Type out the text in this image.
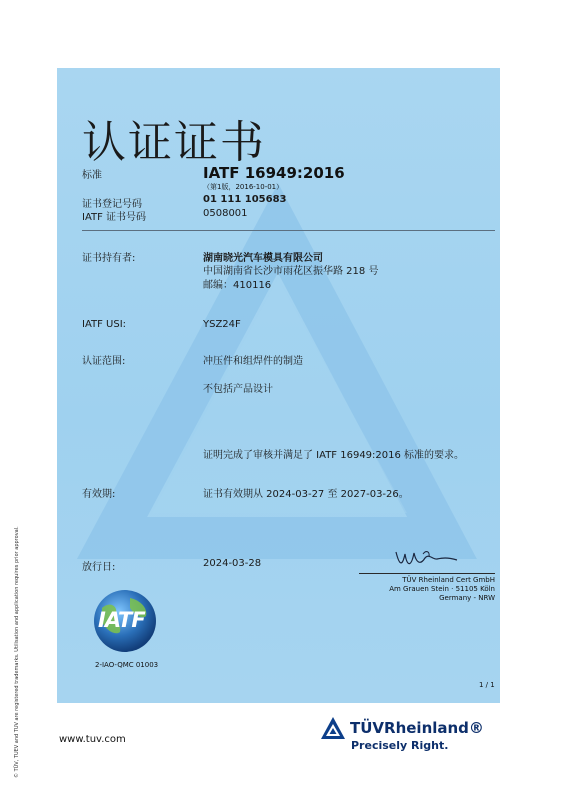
认证证书
标准	IATF 16949:2016
（第1版，2016-10-01）
证书登记号码	01 111 105683
IATF 证书号码	0508001
证书持有者:	湖南晓光汽车模具有限公司
中国湖南省长沙市雨花区振华路 218 号
邮编：410116
IATF USI:	YSZ24F
认证范围:	冲压件和组焊件的制造
不包括产品设计
证明完成了审核并满足了 IATF 16949:2016 标准的要求。
有效期:	证书有效期从 2024-03-27 至 2027-03-26。
放行日:	2024-03-28
TÜV Rheinland Cert GmbH
Am Grauen Stein · 51105 Köln
Germany - NRW
IATF
2-IAO-QMC 01003
1 / 1
© TÜV, TUEV and TUV are registered trademarks. Utilisation and application requires prior approval.	www.tuv.com
TÜVRheinland®
Precisely Right.
